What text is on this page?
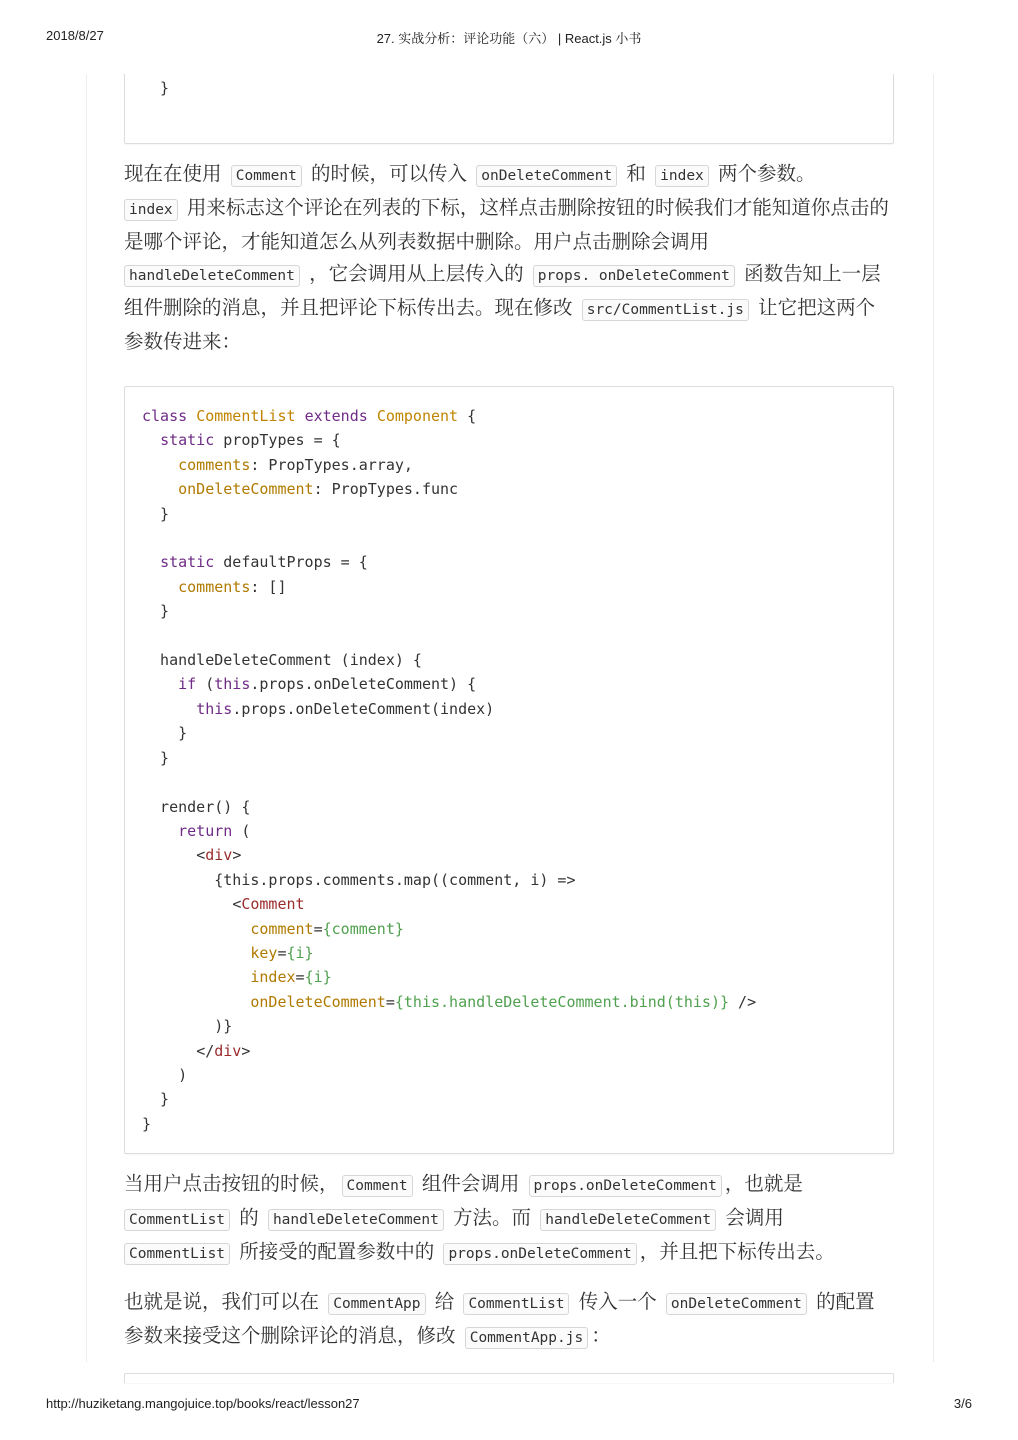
2018/8/27	27. 实战分析：评论功能（六） | React.js 小书
}

现在在使用 Comment 的时候，可以传入 onDeleteComment 和 index 两个参数。
index 用来标志这个评论在列表的下标，这样点击删除按钮的时候我们才能知道你点击的是哪个评论，才能知道怎么从列表数据中删除。用户点击删除会调用
handleDeleteComment ，它会调用从上层传入的 props. onDeleteComment 函数告知上一层组件删除的消息，并且把评论下标传出去。现在修改 src/CommentList.js 让它把这两个参数传进来：

class CommentList extends Component {
static propTypes = {
comments: PropTypes.array,
onDeleteComment: PropTypes.func
}

static defaultProps = {
comments: []
}

handleDeleteComment (index) {
if (this.props.onDeleteComment) {
this.props.onDeleteComment(index)
}
}

render() {
return (
<div>
{this.props.comments.map((comment, i) =>
<Comment
comment={comment}
key={i}
index={i}
onDeleteComment={this.handleDeleteComment.bind(this)} />
)}
</div>
)
}
}

当用户点击按钮的时候， Comment 组件会调用 props.onDeleteComment ，也就是
CommentList 的 handleDeleteComment 方法。而 handleDeleteComment 会调用
CommentList 所接受的配置参数中的 props.onDeleteComment ，并且把下标传出去。

也就是说，我们可以在 CommentApp 给 CommentList 传入一个 onDeleteComment 的配置参数来接受这个删除评论的消息，修改 CommentApp.js ：

http://huziketang.mangojuice.top/books/react/lesson27	3/6
